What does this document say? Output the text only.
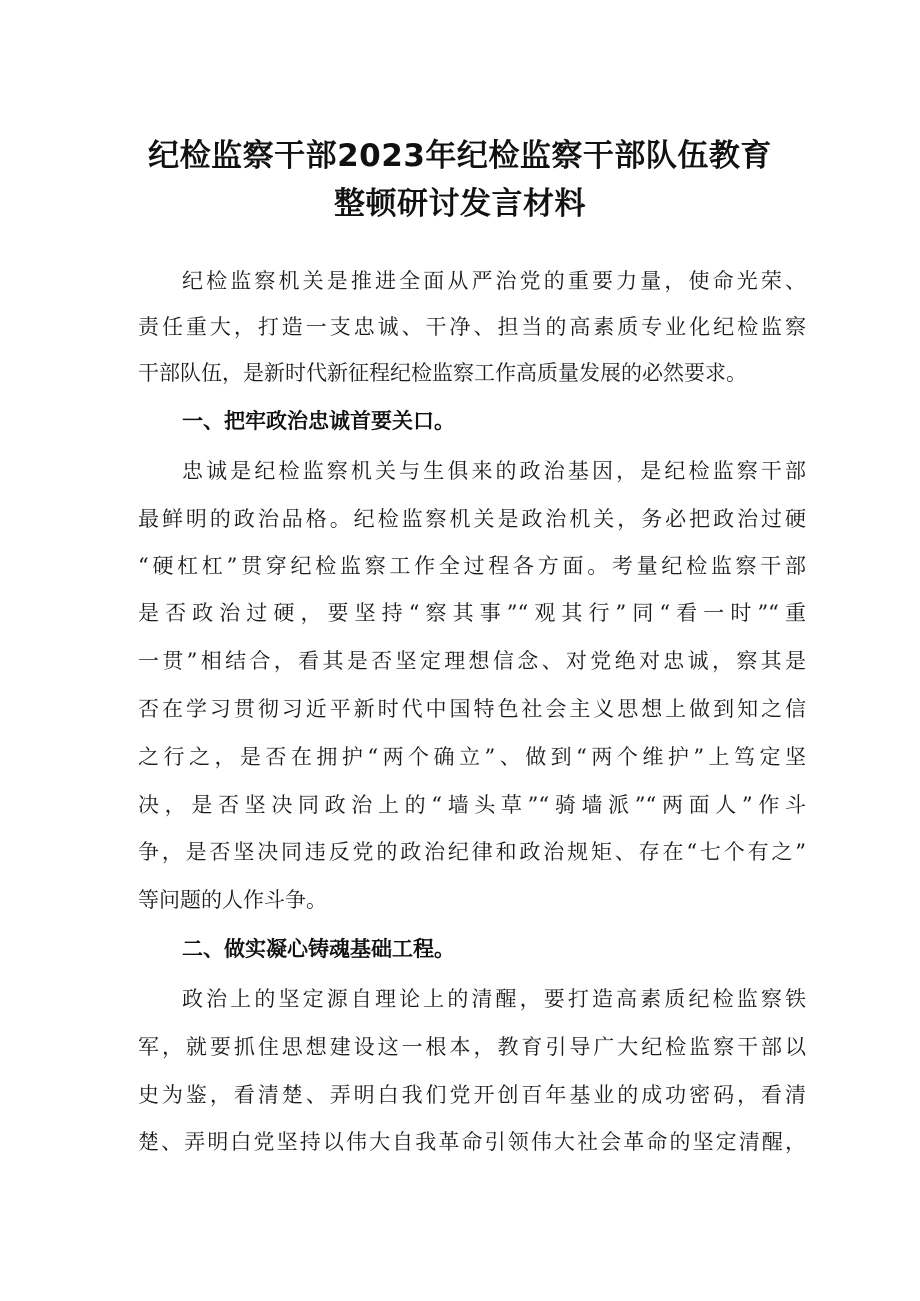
纪检监察干部2023年纪检监察干部队伍教育
整顿研讨发言材料
纪检监察机关是推进全面从严治党的重要力量，使命光荣、
责任重大，打造一支忠诚、干净、担当的高素质专业化纪检监察
干部队伍，是新时代新征程纪检监察工作高质量发展的必然要求。
一、把牢政治忠诚首要关口。
忠诚是纪检监察机关与生俱来的政治基因，是纪检监察干部
最鲜明的政治品格。纪检监察机关是政治机关，务必把政治过硬
“硬杠杠”贯穿纪检监察工作全过程各方面。考量纪检监察干部
是否政治过硬，要坚持“察其事”“观其行”同“看一时”“重
一贯”相结合，看其是否坚定理想信念、对党绝对忠诚，察其是
否在学习贯彻习近平新时代中国特色社会主义思想上做到知之信
之行之，是否在拥护“两个确立”、做到“两个维护”上笃定坚
决，是否坚决同政治上的“墙头草”“骑墙派”“两面人”作斗
争，是否坚决同违反党的政治纪律和政治规矩、存在“七个有之”
等问题的人作斗争。
二、做实凝心铸魂基础工程。
政治上的坚定源自理论上的清醒，要打造高素质纪检监察铁
军，就要抓住思想建设这一根本，教育引导广大纪检监察干部以
史为鉴，看清楚、弄明白我们党开创百年基业的成功密码，看清
楚、弄明白党坚持以伟大自我革命引领伟大社会革命的坚定清醒，
